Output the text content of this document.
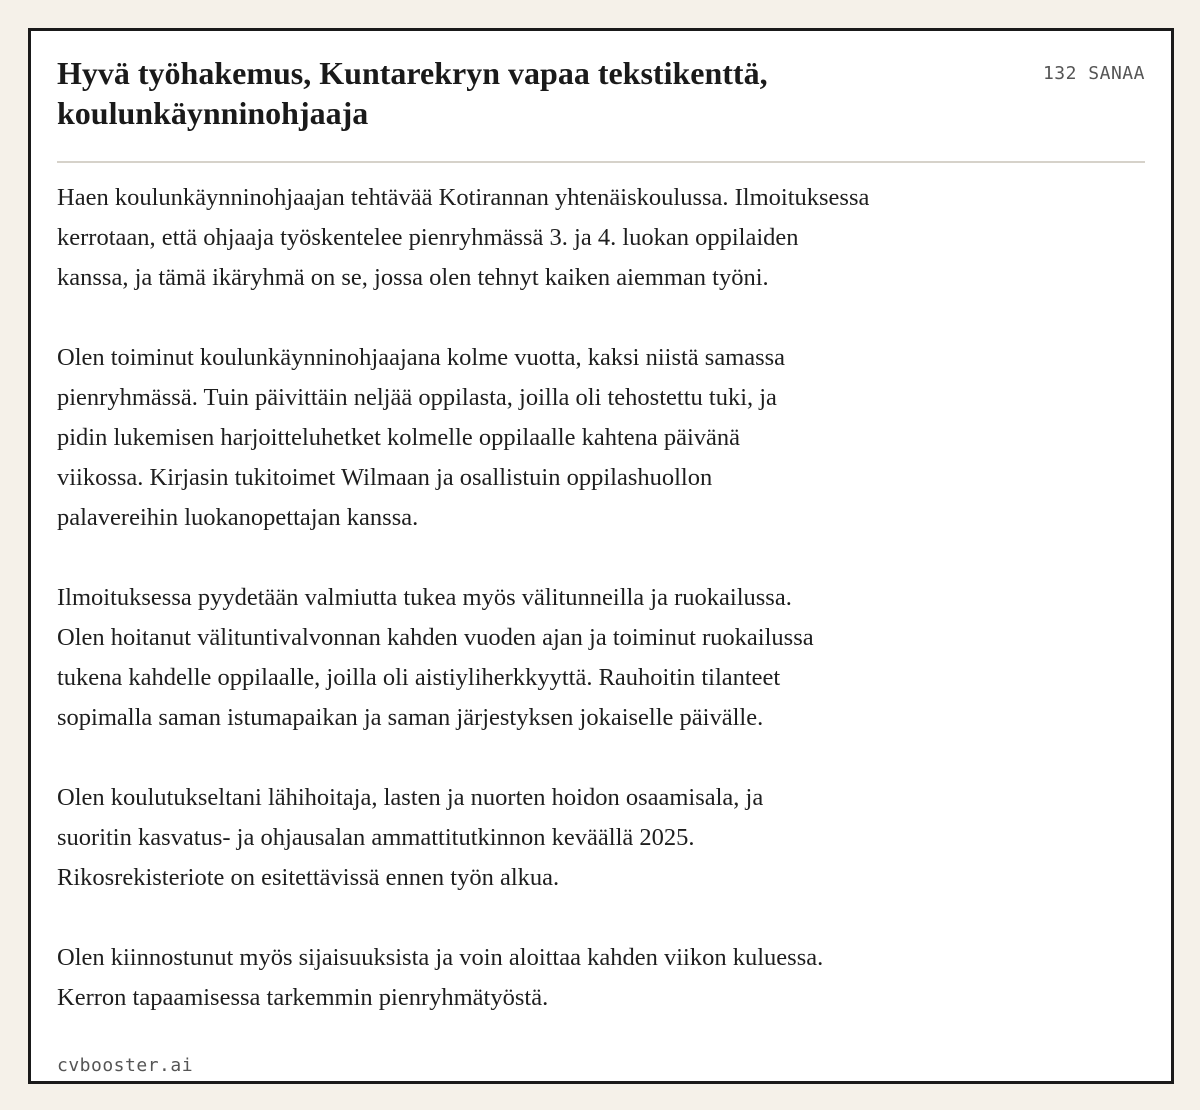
Hyvä työhakemus, Kuntarekryn vapaa tekstikenttä, koulunkäynninohjaaja
132 SANAA

Haen koulunkäynninohjaajan tehtävää Kotirannan yhtenäiskoulussa. Ilmoituksessa
kerrotaan, että ohjaaja työskentelee pienryhmässä 3. ja 4. luokan oppilaiden
kanssa, ja tämä ikäryhmä on se, jossa olen tehnyt kaiken aiemman työni.

Olen toiminut koulunkäynninohjaajana kolme vuotta, kaksi niistä samassa
pienryhmässä. Tuin päivittäin neljää oppilasta, joilla oli tehostettu tuki, ja
pidin lukemisen harjoitteluhetket kolmelle oppilaalle kahtena päivänä
viikossa. Kirjasin tukitoimet Wilmaan ja osallistuin oppilashuollon
palavereihin luokanopettajan kanssa.

Ilmoituksessa pyydetään valmiutta tukea myös välitunneilla ja ruokailussa.
Olen hoitanut välituntivalvonnan kahden vuoden ajan ja toiminut ruokailussa
tukena kahdelle oppilaalle, joilla oli aistiyliherkkyyttä. Rauhoitin tilanteet
sopimalla saman istumapaikan ja saman järjestyksen jokaiselle päivälle.

Olen koulutukseltani lähihoitaja, lasten ja nuorten hoidon osaamisala, ja
suoritin kasvatus- ja ohjausalan ammattitutkinnon keväällä 2025.
Rikosrekisteriote on esitettävissä ennen työn alkua.

Olen kiinnostunut myös sijaisuuksista ja voin aloittaa kahden viikon kuluessa.
Kerron tapaamisessa tarkemmin pienryhmätyöstä.

cvbooster.ai
